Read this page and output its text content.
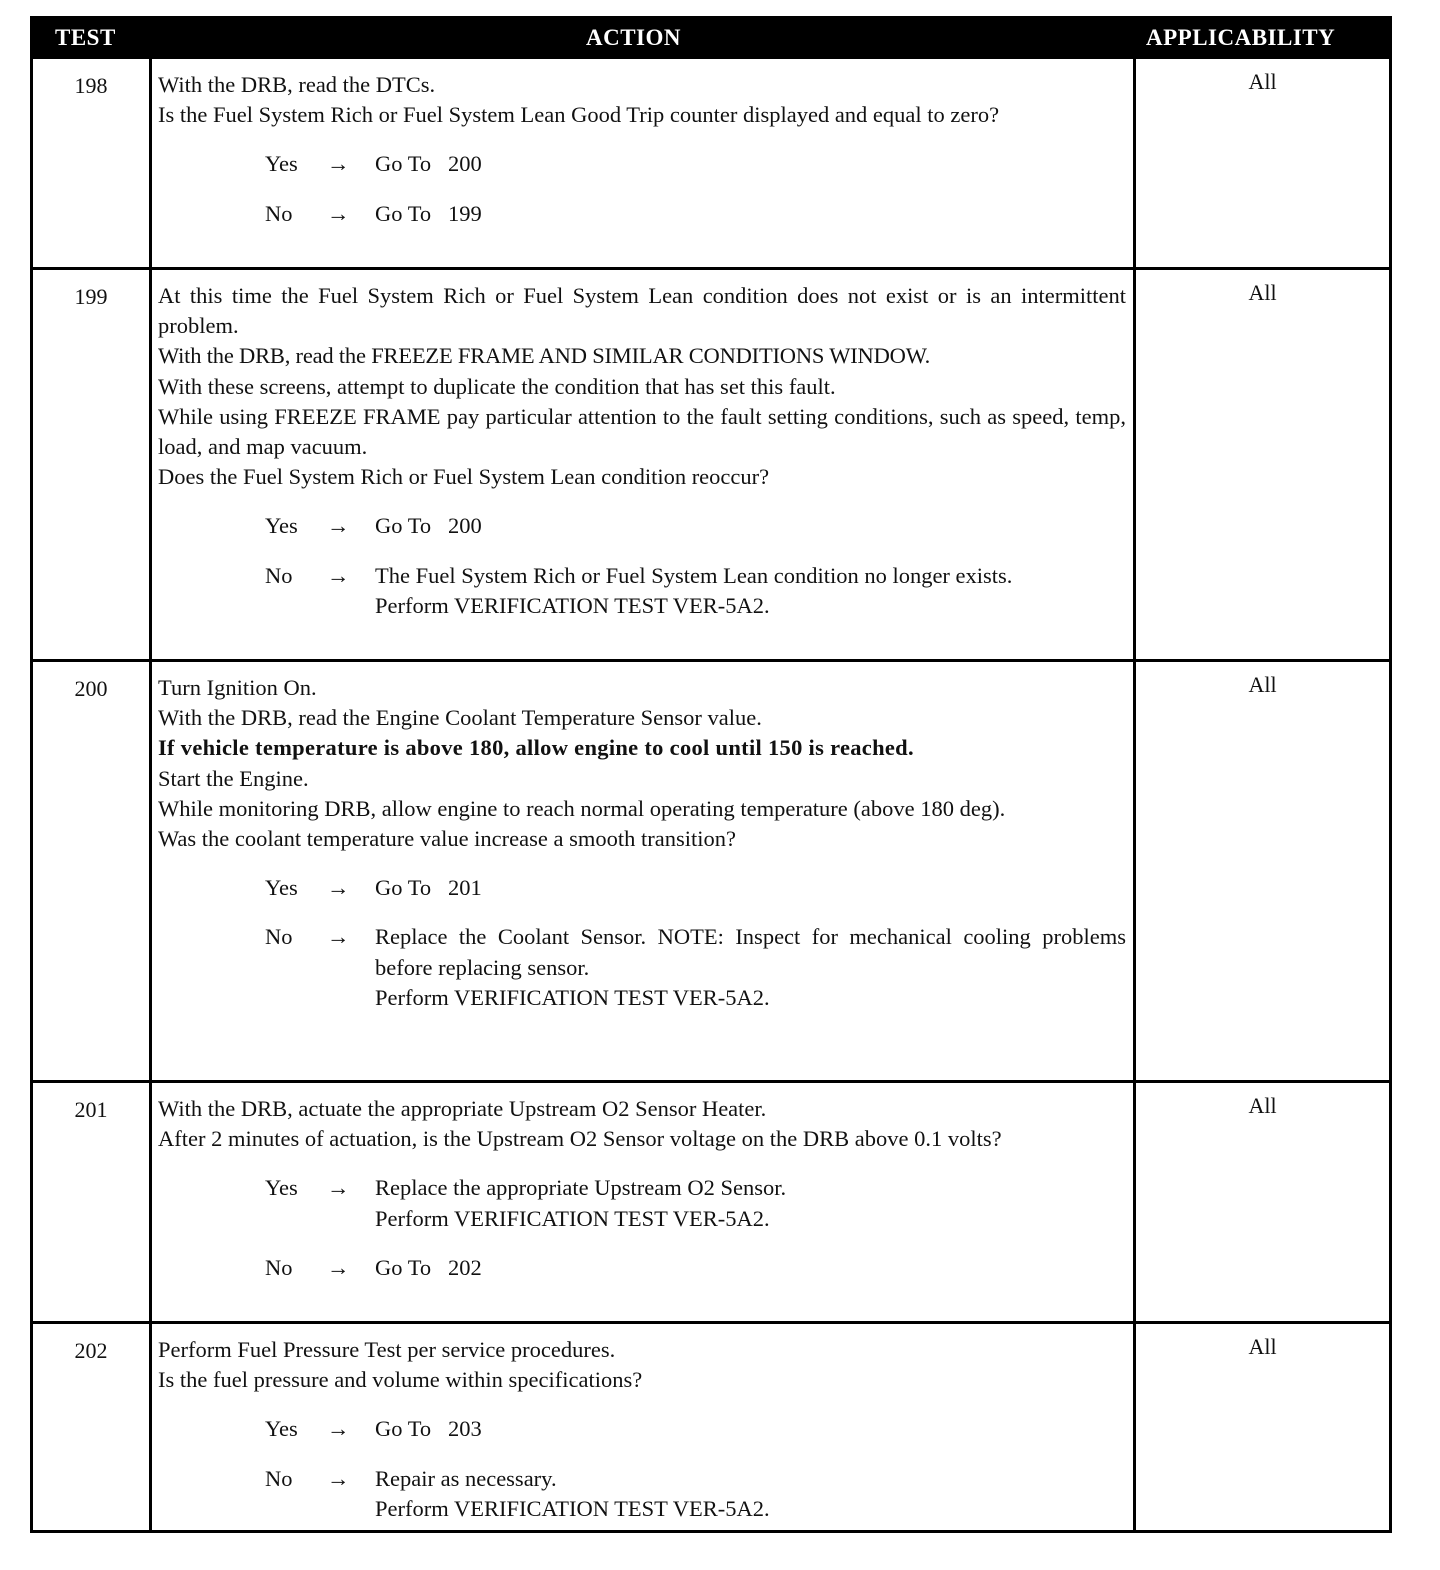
TEST	ACTION	APPLICABILITY
198	With the DRB, read the DTCs.

Is the Fuel System Rich or Fuel System Lean Good Trip counter displayed and equal to zero?

Yes	→	Go To   200
No	→	Go To   199
All
199	At this time the Fuel System Rich or Fuel System Lean condition does not exist or is an intermittent problem.

With the DRB, read the FREEZE FRAME AND SIMILAR CONDITIONS WINDOW.

With these screens, attempt to duplicate the condition that has set this fault.

While using FREEZE FRAME pay particular attention to the fault setting conditions, such as speed, temp, load, and map vacuum.

Does the Fuel System Rich or Fuel System Lean condition reoccur?

Yes	→	Go To   200
No	→	The Fuel System Rich or Fuel System Lean condition no longer exists.
Perform VERIFICATION TEST VER-5A2.
All
200	Turn Ignition On.

With the DRB, read the Engine Coolant Temperature Sensor value.

If vehicle temperature is above 180, allow engine to cool until 150 is reached.

Start the Engine.

While monitoring DRB, allow engine to reach normal operating temperature (above 180 deg).

Was the coolant temperature value increase a smooth transition?

Yes	→	Go To   201
No	→	Replace the Coolant Sensor. NOTE: Inspect for mechanical cooling problems before replacing sensor.
Perform VERIFICATION TEST VER-5A2.
All
201	With the DRB, actuate the appropriate Upstream O2 Sensor Heater.

After 2 minutes of actuation, is the Upstream O2 Sensor voltage on the DRB above 0.1 volts?

Yes	→	Replace the appropriate Upstream O2 Sensor.
Perform VERIFICATION TEST VER-5A2.
No	→	Go To   202
All
202	Perform Fuel Pressure Test per service procedures.

Is the fuel pressure and volume within specifications?

Yes	→	Go To   203
No	→	Repair as necessary.
Perform VERIFICATION TEST VER-5A2.
All
